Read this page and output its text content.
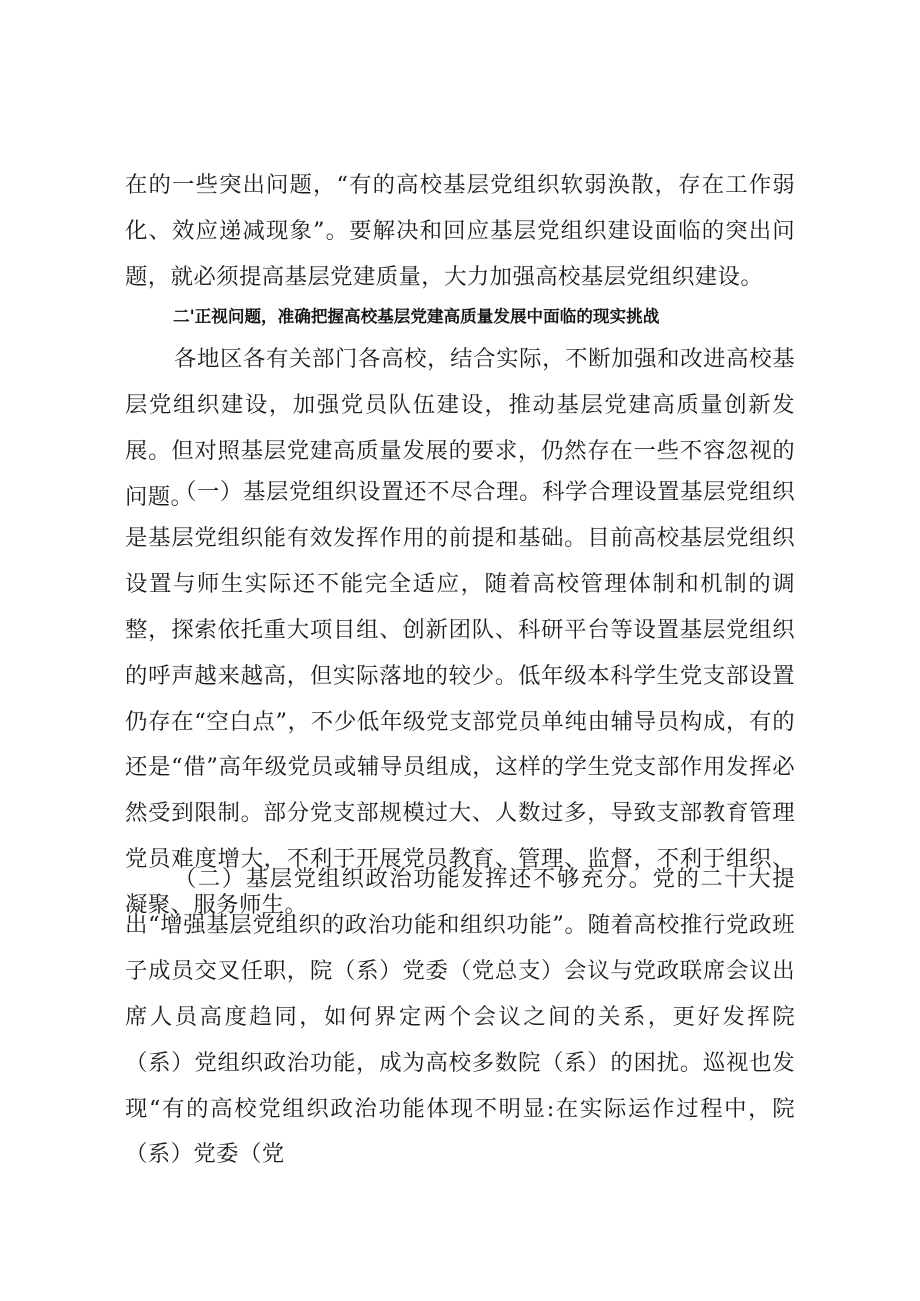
在的一些突出问题，“有的高校基层党组织软弱涣散，存在工作弱化、效应递减现象”。要解决和回应基层党组织建设面临的突出问题，就必须提高基层党建质量，大力加强高校基层党组织建设。

二'正视问题，准确把握高校基层党建高质量发展中面临的现实挑战

各地区各有关部门各高校，结合实际，不断加强和改进高校基层党组织建设，加强党员队伍建设，推动基层党建高质量创新发展。但对照基层党建高质量发展的要求，仍然存在一些不容忽视的问题。

（一）基层党组织设置还不尽合理。科学合理设置基层党组织是基层党组织能有效发挥作用的前提和基础。目前高校基层党组织设置与师生实际还不能完全适应，随着高校管理体制和机制的调整，探索依托重大项目组、创新团队、科研平台等设置基层党组织的呼声越来越高，但实际落地的较少。低年级本科学生党支部设置仍存在“空白点”，不少低年级党支部党员单纯由辅导员构成，有的还是“借”高年级党员或辅导员组成，这样的学生党支部作用发挥必然受到限制。部分党支部规模过大、人数过多，导致支部教育管理党员难度增大，不利于开展党员教育、管理、监督，不利于组织、凝聚、服务师生。

（二）基层党组织政治功能发挥还不够充分。党的二十大提出“增强基层党组织的政治功能和组织功能”。随着高校推行党政班子成员交叉任职，院（系）党委（党总支）会议与党政联席会议出席人员高度趋同，如何界定两个会议之间的关系，更好发挥院（系）党组织政治功能，成为高校多数院（系）的困扰。巡视也发现“有的高校党组织政治功能体现不明显:在实际运作过程中，院（系）党委（党
